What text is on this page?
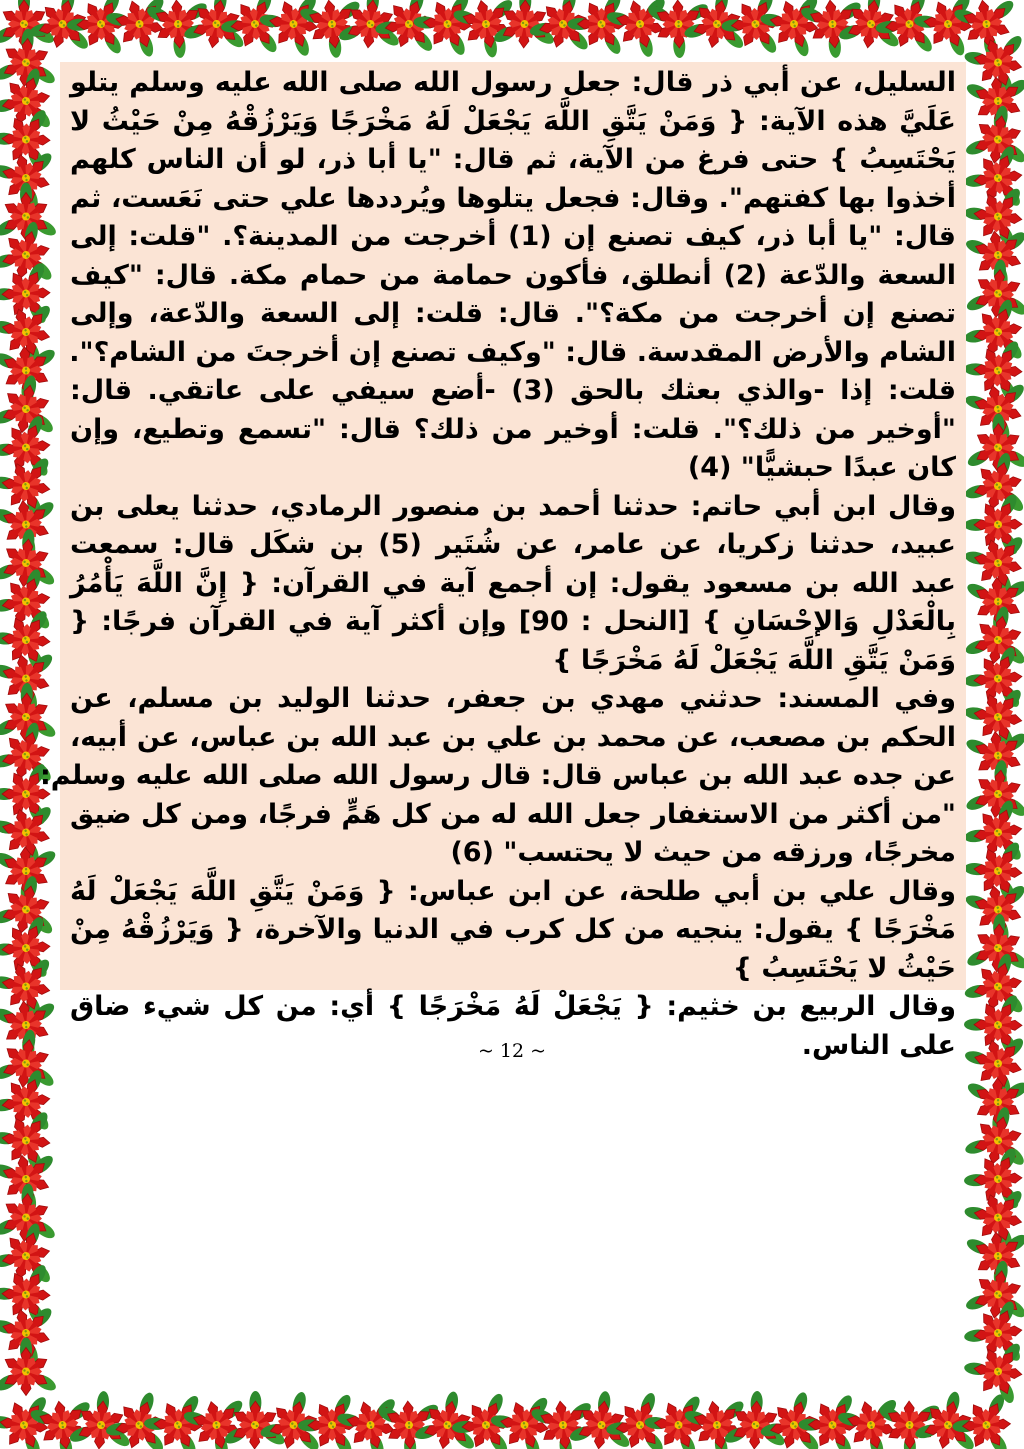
السليل، عن أبي ذر قال: جعل رسول الله صلى الله عليه وسلم يتلو
عَلَيَّ هذه الآية: { وَمَنْ يَتَّقِ اللَّهَ يَجْعَلْ لَهُ مَخْرَجًا وَيَرْزُقْهُ مِنْ حَيْثُ لا
يَحْتَسِبُ } حتى فرغ من الآية، ثم قال: "يا أبا ذر، لو أن الناس كلهم
أخذوا بها كفتهم". وقال: فجعل يتلوها ويُرددها علي حتى نَعَست، ثم
قال: "يا أبا ذر، كيف تصنع إن (1) أخرجت من المدينة؟. "قلت: إلى
السعة والدّعة (2) أنطلق، فأكون حمامة من حمام مكة. قال: "كيف
تصنع إن أخرجت من مكة؟". قال: قلت: إلى السعة والدّعة، وإلى
الشام والأرض المقدسة. قال: "وكيف تصنع إن أخرجتَ من الشام؟".
قلت: إذا -والذي بعثك بالحق (3) -أضع سيفي على عاتقي. قال:
"أوخير من ذلك؟". قلت: أوخير من ذلك؟ قال: "تسمع وتطيع، وإن
كان عبدًا حبشيًّا" (4)
وقال ابن أبي حاتم: حدثنا أحمد بن منصور الرمادي، حدثنا يعلى بن
عبيد، حدثنا زكريا، عن عامر، عن شُتَير (5) بن شكَل قال: سمعت
عبد الله بن مسعود يقول: إن أجمع آية في القرآن: { إِنَّ اللَّهَ يَأْمُرُ
بِالْعَدْلِ وَالإحْسَانِ } [النحل : 90] وإن أكثر آية في القرآن فرجًا: {
وَمَنْ يَتَّقِ اللَّهَ يَجْعَلْ لَهُ مَخْرَجًا }
وفي المسند: حدثني مهدي بن جعفر، حدثنا الوليد بن مسلم، عن
الحكم بن مصعب، عن محمد بن علي بن عبد الله بن عباس، عن أبيه،
عن جده عبد الله بن عباس قال: قال رسول الله صلى الله عليه وسلم:
"من أكثر من الاستغفار جعل الله له من كل هَمٍّ فرجًا، ومن كل ضيق
مخرجًا، ورزقه من حيث لا يحتسب" (6)
وقال علي بن أبي طلحة، عن ابن عباس: { وَمَنْ يَتَّقِ اللَّهَ يَجْعَلْ لَهُ
مَخْرَجًا } يقول: ينجيه من كل كرب في الدنيا والآخرة، { وَيَرْزُقْهُ مِنْ
حَيْثُ لا يَحْتَسِبُ }
وقال الربيع بن خثيم: { يَجْعَلْ لَهُ مَخْرَجًا } أي: من كل شيء ضاق
على الناس.
~ 12 ~
